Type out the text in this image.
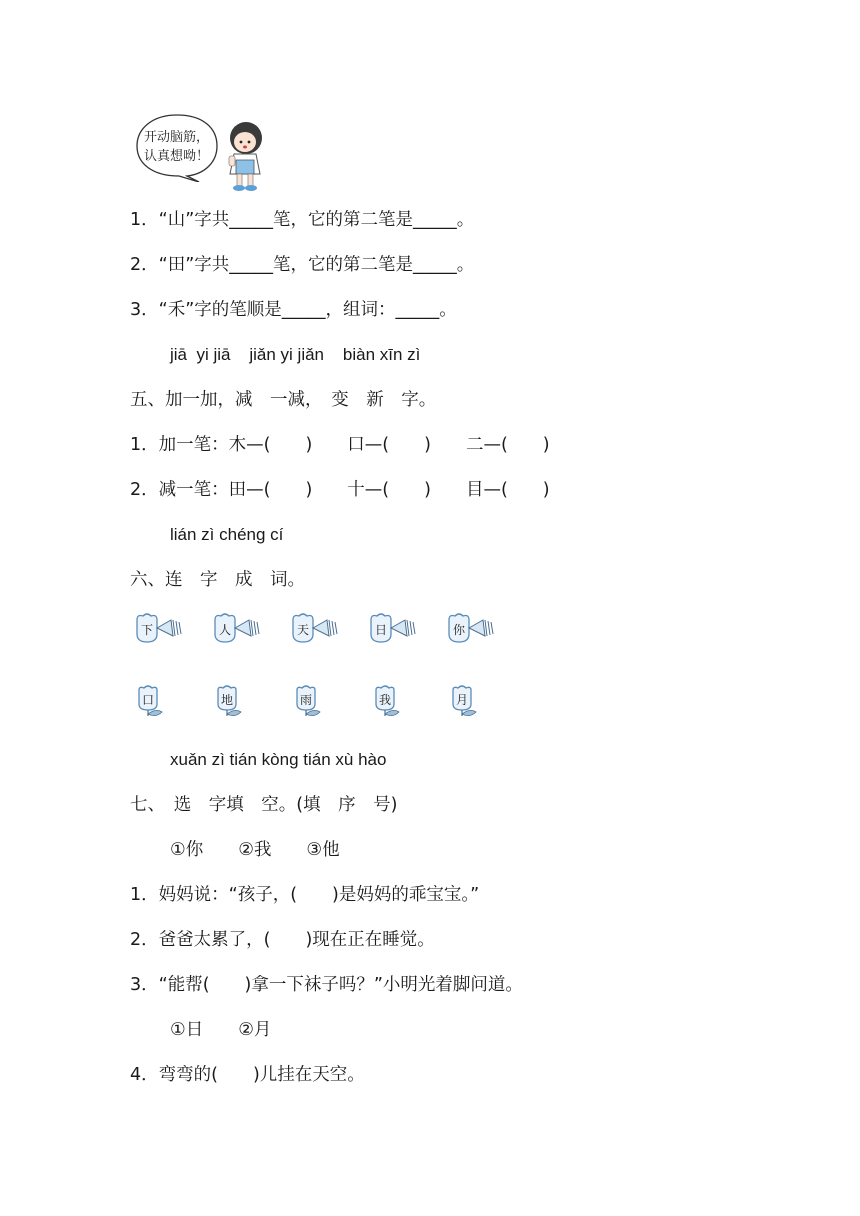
开动脑筋，
认真想呦！
1．“山”字共_____笔，它的第二笔是_____。
2．“田”字共_____笔，它的第二笔是_____。
3．“禾”字的笔顺是_____，组词：_____。
jiā  yi jiā    jiǎn yi jiǎn    biàn xīn zì
五、加一加，减　一减，　变　新　字。
1．加一笔：木—(　　)　　口—(　　)　　二—(　　)
2．减一笔：田—(　　)　　十—(　　)　　目—(　　)
lián zì chéng cí
六、连　字　成　词。
xuǎn zì tián kòng tián xù hào
七、　选　字填　空。(填　序　号)
①你　　②我　　③他
1．妈妈说：“孩子，(　　)是妈妈的乖宝宝。”
2．爸爸太累了，(　　)现在正在睡觉。
3．“能帮(　　)拿一下袜子吗？”小明光着脚问道。
①日　　②月
4．弯弯的(　　)儿挂在天空。
下	人	天	日	你
口	地	雨	我	月
